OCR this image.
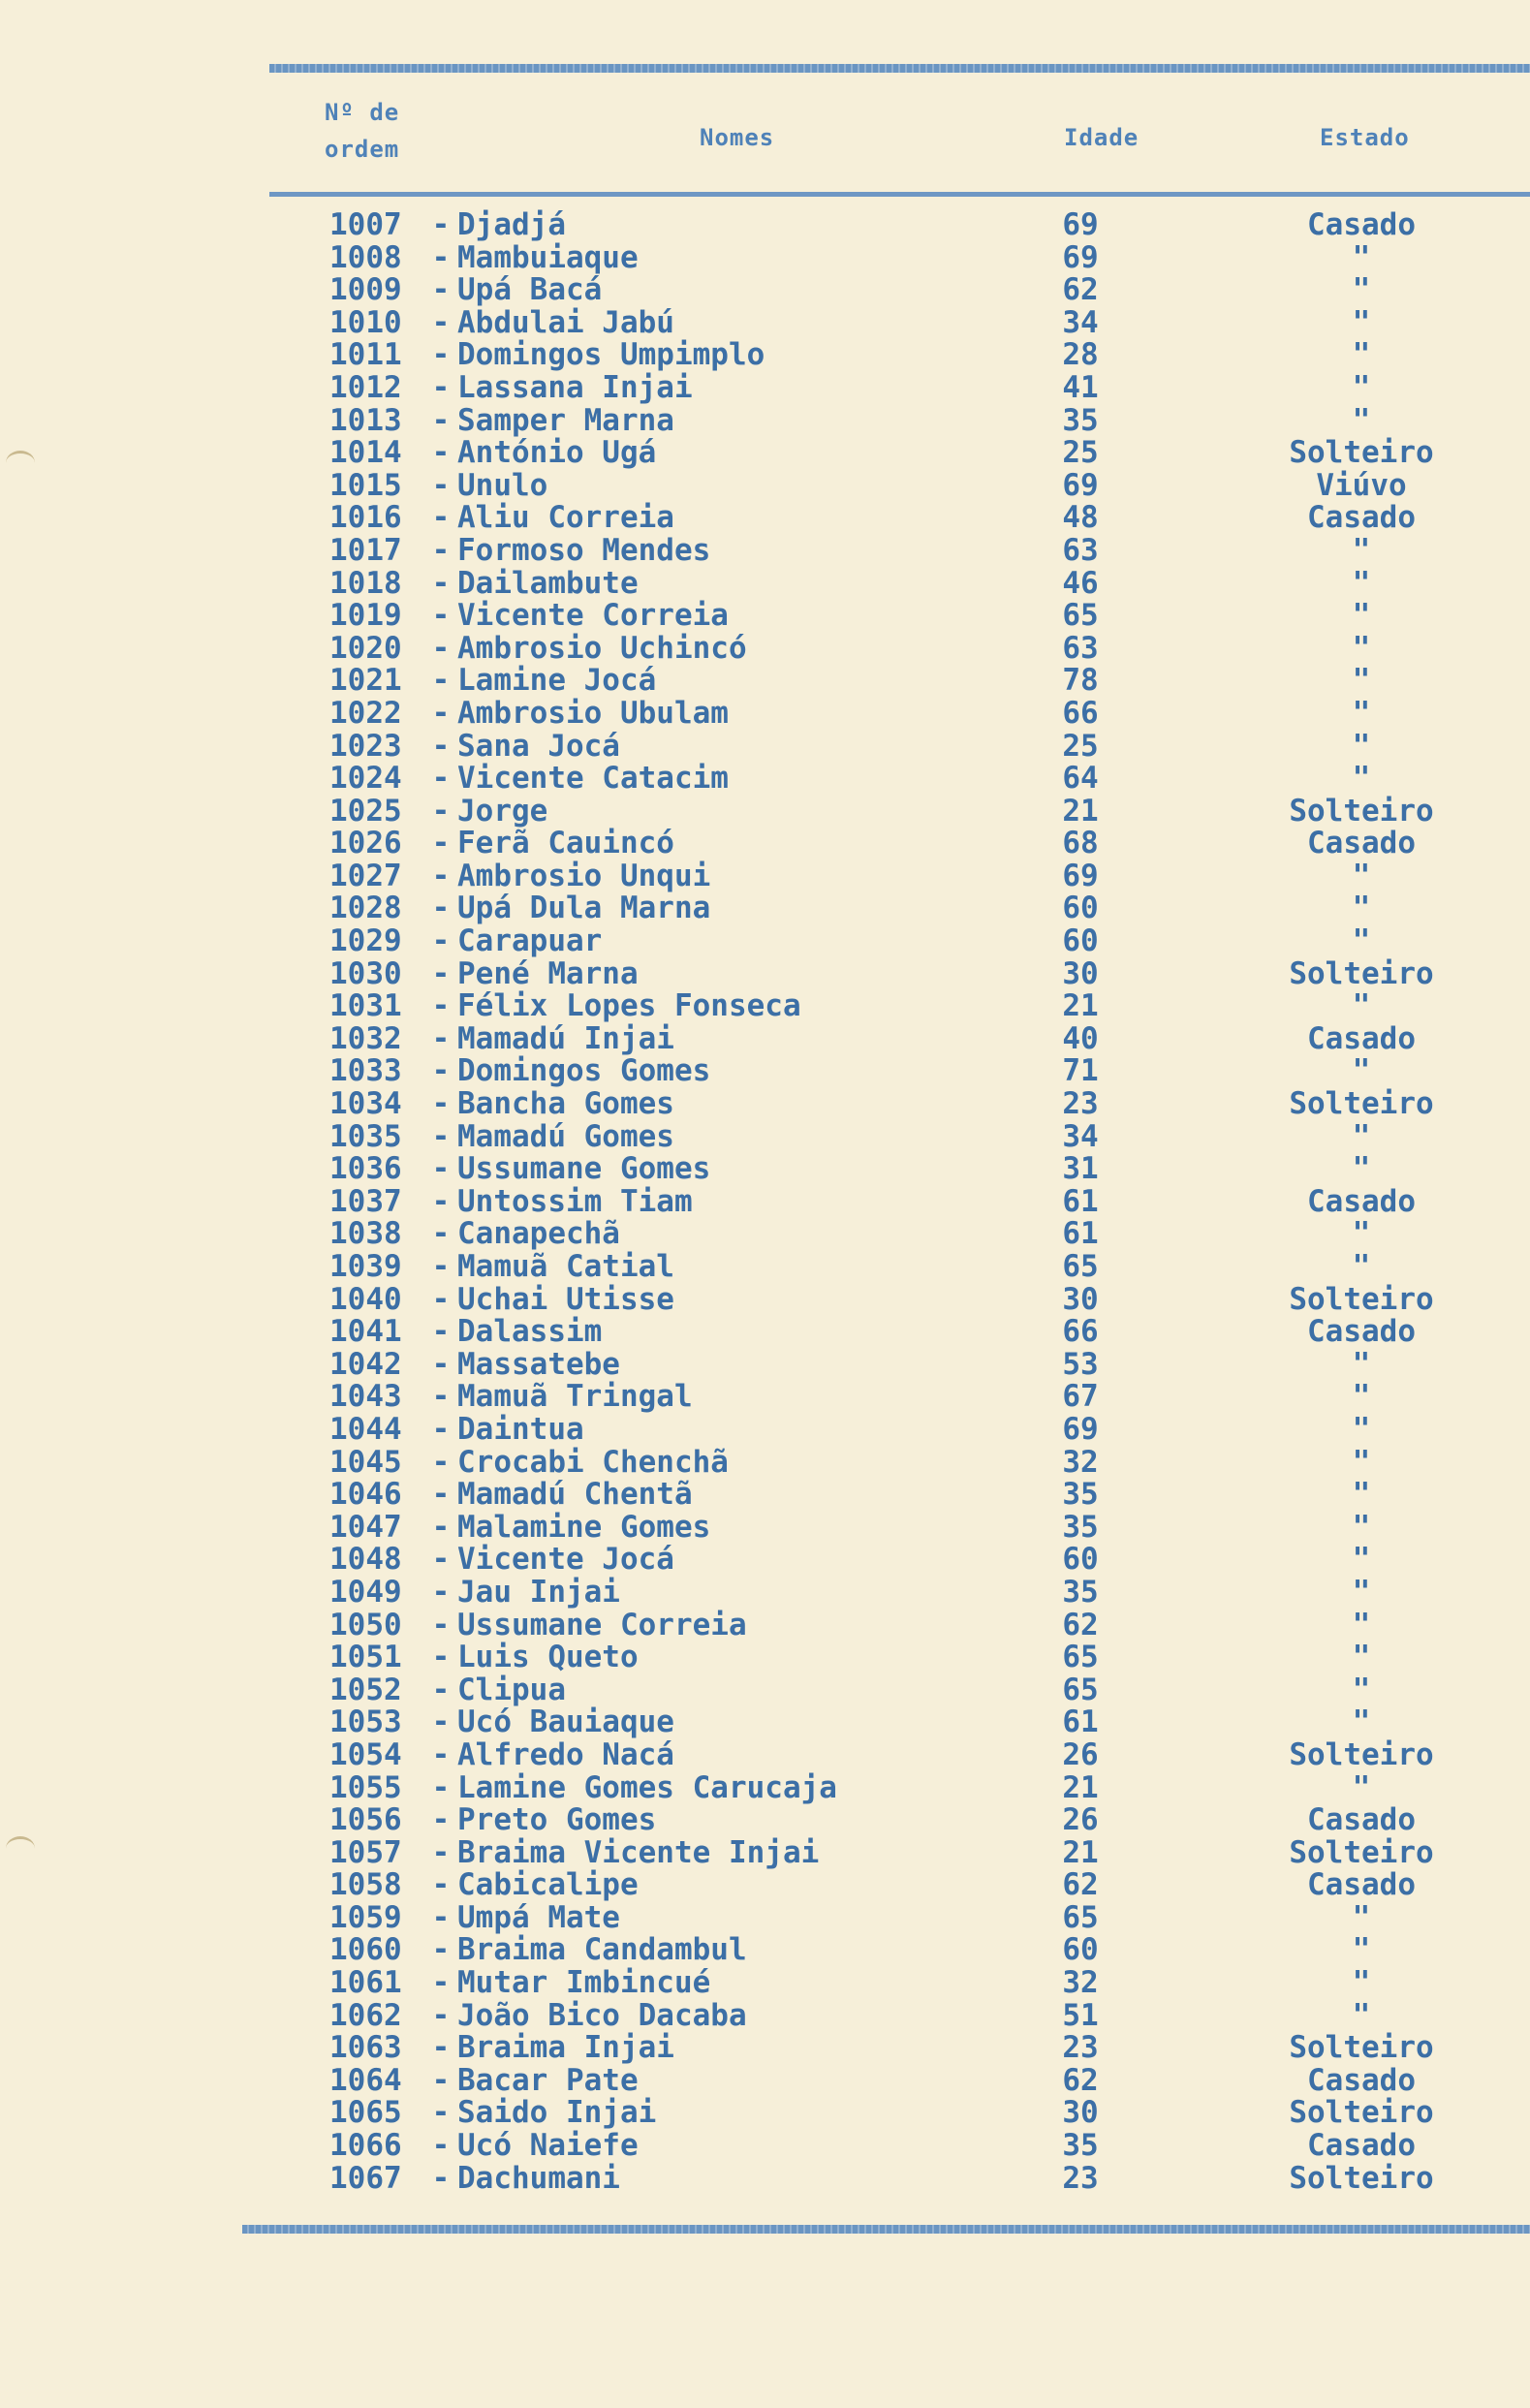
Nº de
ordem	Nomes	Idade	Estado
1007	- Djadjá	69	Casado
1008	- Mambuiaque	69	"
1009	- Upá Bacá	62	"
1010	- Abdulai Jabú	34	"
1011	- Domingos Umpimplo	28	"
1012	- Lassana Injai	41	"
1013	- Samper Marna	35	"
1014	- António Ugá	25	Solteiro
1015	- Unulo	69	Viúvo
1016	- Aliu Correia	48	Casado
1017	- Formoso Mendes	63	"
1018	- Dailambute	46	"
1019	- Vicente Correia	65	"
1020	- Ambrosio Uchincó	63	"
1021	- Lamine Jocá	78	"
1022	- Ambrosio Ubulam	66	"
1023	- Sana Jocá	25	"
1024	- Vicente Catacim	64	"
1025	- Jorge	21	Solteiro
1026	- Ferã Cauincó	68	Casado
1027	- Ambrosio Unqui	69	"
1028	- Upá Dula Marna	60	"
1029	- Carapuar	60	"
1030	- Pené Marna	30	Solteiro
1031	- Félix Lopes Fonseca	21	"
1032	- Mamadú Injai	40	Casado
1033	- Domingos Gomes	71	"
1034	- Bancha Gomes	23	Solteiro
1035	- Mamadú Gomes	34	"
1036	- Ussumane Gomes	31	"
1037	- Untossim Tiam	61	Casado
1038	- Canapechã	61	"
1039	- Mamuã Catial	65	"
1040	- Uchai Utisse	30	Solteiro
1041	- Dalassim	66	Casado
1042	- Massatebe	53	"
1043	- Mamuã Tringal	67	"
1044	- Daintua	69	"
1045	- Crocabi Chenchã	32	"
1046	- Mamadú Chentã	35	"
1047	- Malamine Gomes	35	"
1048	- Vicente Jocá	60	"
1049	- Jau Injai	35	"
1050	- Ussumane Correia	62	"
1051	- Luis Queto	65	"
1052	- Clipua	65	"
1053	- Ucó Bauiaque	61	"
1054	- Alfredo Nacá	26	Solteiro
1055	- Lamine Gomes Carucaja	21	"
1056	- Preto Gomes	26	Casado
1057	- Braima Vicente Injai	21	Solteiro
1058	- Cabicalipe	62	Casado
1059	- Umpá Mate	65	"
1060	- Braima Candambul	60	"
1061	- Mutar Imbincué	32	"
1062	- João Bico Dacaba	51	"
1063	- Braima Injai	23	Solteiro
1064	- Bacar Pate	62	Casado
1065	- Saido Injai	30	Solteiro
1066	- Ucó Naiefe	35	Casado
1067	- Dachumani	23	Solteiro
